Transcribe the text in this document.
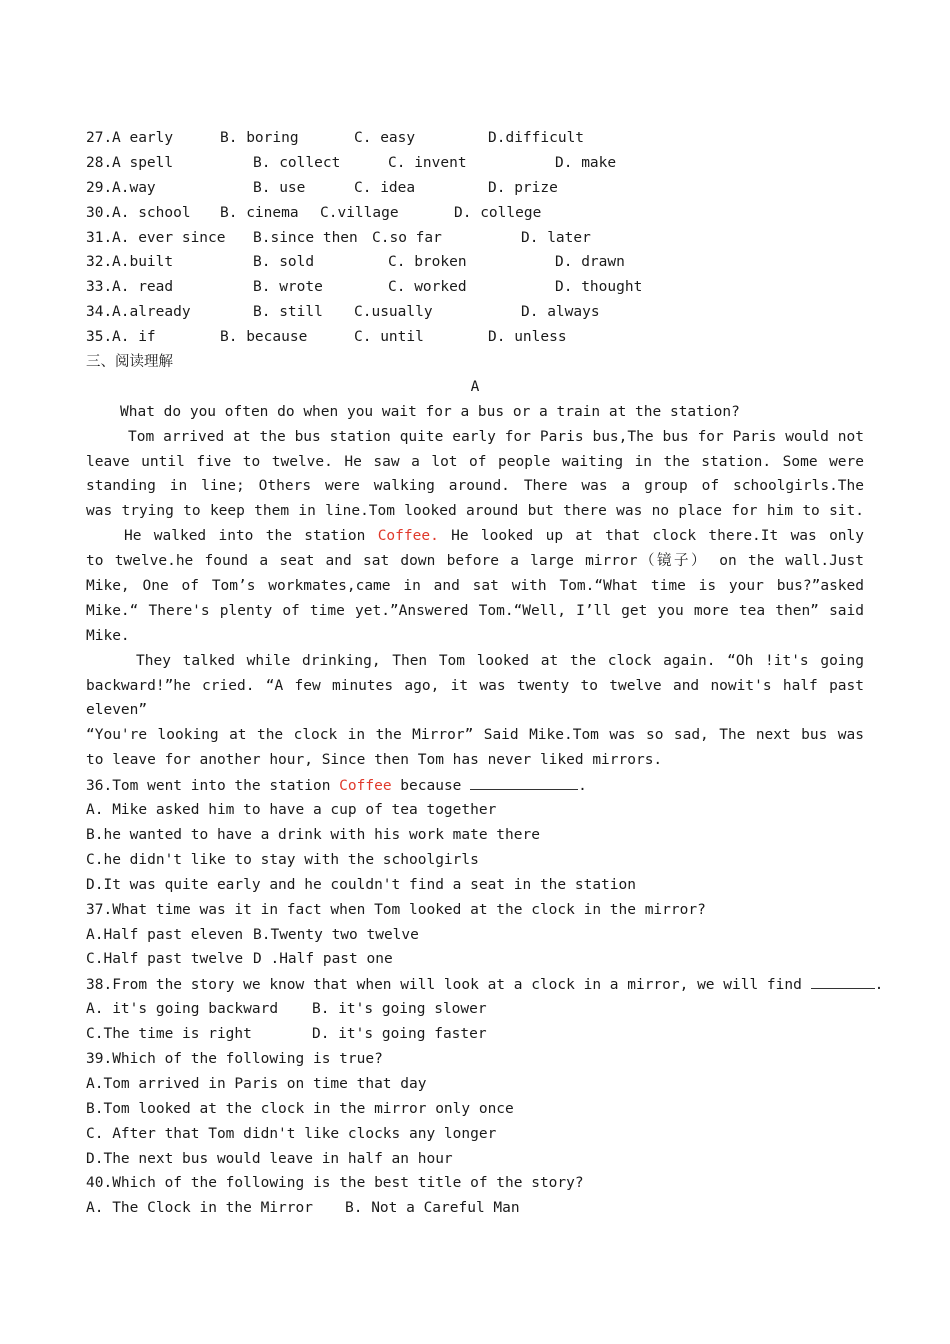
27. A early	B. boring	C. easy	D.difficult
28. A spell	B. collect	C. invent	D. make
29. A.way	B. use	C. idea	D. prize
30. A. school B. cinema C.village	D. college
31. A. ever since B.since then C.so far	D. later
32. A.built	B. sold	C. broken	D. drawn
33. A. read	B. wrote	C. worked	D. thought
34. A.already	B. still C.usually	D. always
35. A. if	B. because	C. until	D. unless
三、阅读理解
A
What do you often do when you wait for a bus or a train at the station?
Tom arrived at the bus station quite early for Paris bus,The bus for Paris would not
leave until five to twelve. He saw a lot of people waiting in the station. Some were
standing in line; Others were walking around. There was a group of schoolgirls.The
was trying to keep them in line.Tom looked around but there was no place for him to sit.
He walked into the station Coffee. He looked up at that clock there.It was only
to twelve.he found a seat and sat down before a large mirror（镜子） on the wall.Just
Mike, One of Tom’s workmates,came in and sat with Tom.“What time is your bus?”asked
Mike.“ There's plenty of time yet.”Answered Tom.“Well, I’ll get you more tea then” said
Mike.
They talked while drinking, Then Tom looked at the clock again. “Oh !it's going
backward!”he cried. “A few minutes ago, it was twenty to twelve and nowit's half past
eleven”
“You're looking at the clock in the Mirror” Said Mike.Tom was so sad, The next bus was
to leave for another hour, Since then Tom has never liked mirrors.
36.Tom went into the station Coffee because	.
A. Mike asked him to have a cup of tea together
B.he wanted to have a drink with his work mate there
C.he didn't like to stay with the schoolgirls
D.It was quite early and he couldn't find a seat in the station
37.What time was it in fact when Tom looked at the clock in the mirror?
A.Half past eleven B.Twenty two twelve
C.Half past twelve D .Half past one
38.From the story we know that when will look at a clock in a mirror, we will find	.
A. it's going backward B. it's going slower
C.The time is right	D. it's going faster
39.Which of the following is true?
A.Tom arrived in Paris on time that day
B.Tom looked at the clock in the mirror only once
C. After that Tom didn't like clocks any longer
D.The next bus would leave in half an hour
40.Which of the following is the best title of the story?
A. The Clock in the Mirror B. Not a Careful Man
